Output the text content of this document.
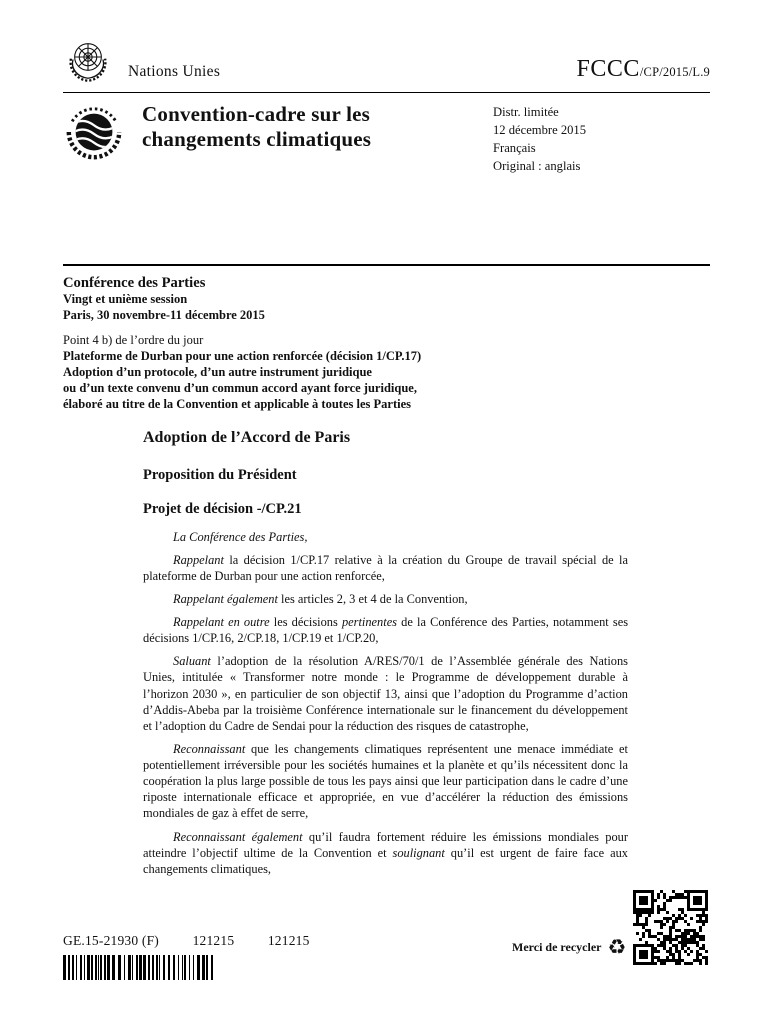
Nations Unies	FCCC/CP/2015/L.9
Convention-cadre sur les
changements climatiques
Distr. limitée
12 décembre 2015
Français
Original : anglais
Conférence des Parties
Vingt et unième session
Paris, 30 novembre-11 décembre 2015
Point 4 b) de l’ordre du jour
Plateforme de Durban pour une action renforcée (décision 1/CP.17)
Adoption d’un protocole, d’un autre instrument juridique
ou d’un texte convenu d’un commun accord ayant force juridique,
élaboré au titre de la Convention et applicable à toutes les Parties
Adoption de l’Accord de Paris
Proposition du Président
Projet de décision -/CP.21

La Conférence des Parties,

Rappelant la décision 1/CP.17 relative à la création du Groupe de travail spécial de la plateforme de Durban pour une action renforcée,

Rappelant également les articles 2, 3 et 4 de la Convention,

Rappelant en outre les décisions pertinentes de la Conférence des Parties, notamment ses décisions 1/CP.16, 2/CP.18, 1/CP.19 et 1/CP.20,

Saluant l’adoption de la résolution A/RES/70/1 de l’Assemblée générale des Nations Unies, intitulée « Transformer notre monde : le Programme de développement durable à l’horizon 2030 », en particulier de son objectif 13, ainsi que l’adoption du Programme d’action d’Addis-Abeba par la troisième Conférence internationale sur le financement du développement et l’adoption du Cadre de Sendai pour la réduction des risques de catastrophe,

Reconnaissant que les changements climatiques représentent une menace immédiate et potentiellement irréversible pour les sociétés humaines et la planète et qu’ils nécessitent donc la coopération la plus large possible de tous les pays ainsi que leur participation dans le cadre d’une riposte internationale efficace et appropriée, en vue d’accélérer la réduction des émissions mondiales de gaz à effet de serre,

Reconnaissant également qu’il faudra fortement réduire les émissions mondiales pour atteindre l’objectif ultime de la Convention et soulignant qu’il est urgent de faire face aux changements climatiques,

GE.15-21930 (F) 121215 121215	Merci de recycler ♻
